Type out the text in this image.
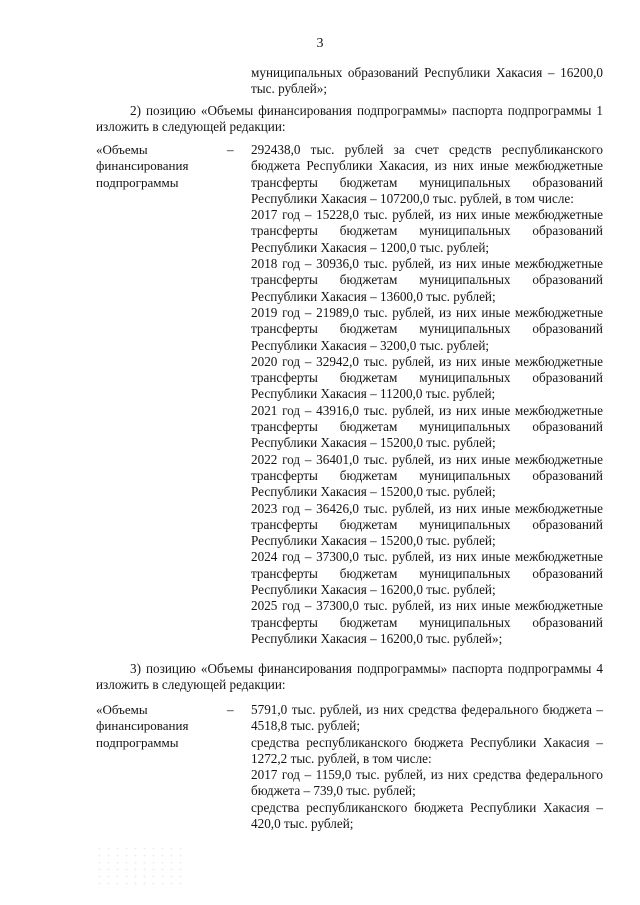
3
муниципальных образований Республики Хакасия – 16200,0 тыс. рублей»;
2) позицию «Объемы финансирования подпрограммы» паспорта подпрограммы 1 изложить в следующей редакции:
«Объемы финансирования подпрограммы
– 292438,0 тыс. рублей за счет средств республиканского бюджета Республики Хакасия, из них иные межбюджетные трансферты бюджетам муниципальных образований Республики Хакасия – 107200,0 тыс. рублей, в том числе:

2017 год – 15228,0 тыс. рублей, из них иные межбюджетные трансферты бюджетам муниципальных образований Республики Хакасия – 1200,0 тыс. рублей;

2018 год – 30936,0 тыс. рублей, из них иные межбюджетные трансферты бюджетам муниципальных образований Республики Хакасия – 13600,0 тыс. рублей;

2019 год – 21989,0 тыс. рублей, из них иные межбюджетные трансферты бюджетам муниципальных образований Республики Хакасия – 3200,0 тыс. рублей;

2020 год – 32942,0 тыс. рублей, из них иные межбюджетные трансферты бюджетам муниципальных образований Республики Хакасия – 11200,0 тыс. рублей;

2021 год – 43916,0 тыс. рублей, из них иные межбюджетные трансферты бюджетам муниципальных образований Республики Хакасия – 15200,0 тыс. рублей;

2022 год – 36401,0 тыс. рублей, из них иные межбюджетные трансферты бюджетам муниципальных образований Республики Хакасия – 15200,0 тыс. рублей;

2023 год – 36426,0 тыс. рублей, из них иные межбюджетные трансферты бюджетам муниципальных образований Республики Хакасия – 15200,0 тыс. рублей;

2024 год – 37300,0 тыс. рублей, из них иные межбюджетные трансферты бюджетам муниципальных образований Республики Хакасия – 16200,0 тыс. рублей;

2025 год – 37300,0 тыс. рублей, из них иные межбюджетные трансферты бюджетам муниципальных образований Республики Хакасия – 16200,0 тыс. рублей»;

3) позицию «Объемы финансирования подпрограммы» паспорта подпрограммы 4 изложить в следующей редакции:
«Объемы финансирования подпрограммы
– 5791,0 тыс. рублей, из них средства федерального бюджета – 4518,8 тыс. рублей;

средства республиканского бюджета Республики Хакасия – 1272,2 тыс. рублей, в том числе:

2017 год – 1159,0 тыс. рублей, из них средства федерального бюджета – 739,0 тыс. рублей;

средства республиканского бюджета Республики Хакасия – 420,0 тыс. рублей;
